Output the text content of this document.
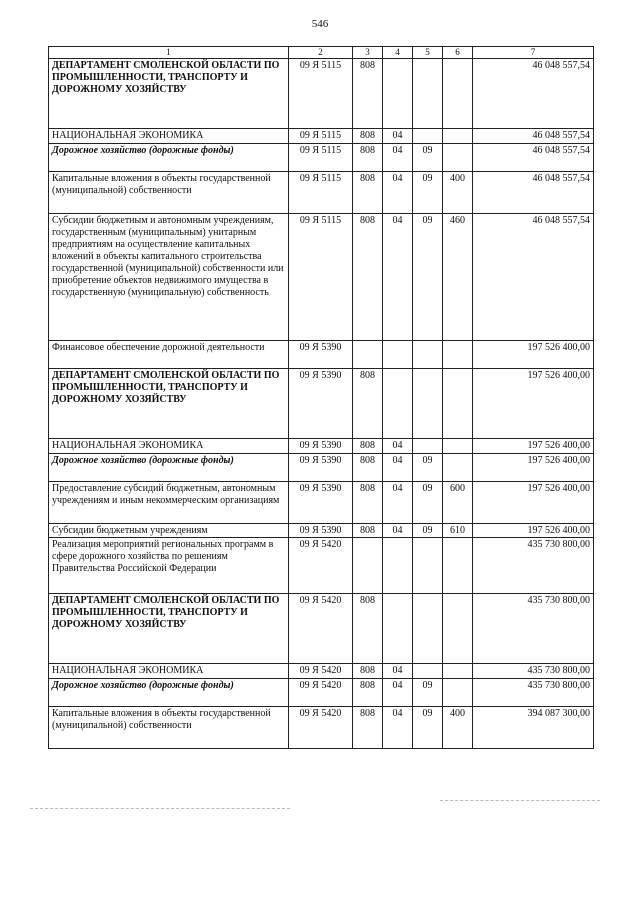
546
1	2	3	4	5	6	7
ДЕПАРТАМЕНТ СМОЛЕНСКОЙ ОБЛАСТИ ПО ПРОМЫШЛЕННОСТИ, ТРАНСПОРТУ И ДОРОЖНОМУ ХОЗЯЙСТВУ	09 Я 5115	808				46 048 557,54
НАЦИОНАЛЬНАЯ ЭКОНОМИКА	09 Я 5115	808	04			46 048 557,54
Дорожное хозяйство (дорожные фонды)	09 Я 5115	808	04	09		46 048 557,54
Капитальные вложения в объекты государственной (муниципальной) собственности	09 Я 5115	808	04	09	400	46 048 557,54
Субсидии бюджетным и автономным учреждениям, государственным (муниципальным) унитарным предприятиям на осуществление капитальных вложений в объекты капитального строительства государственной (муниципальной) собственности или приобретение объектов недвижимого имущества в государственную (муниципальную) собственность	09 Я 5115	808	04	09	460	46 048 557,54
Финансовое обеспечение дорожной деятельности	09 Я 5390					197 526 400,00
ДЕПАРТАМЕНТ СМОЛЕНСКОЙ ОБЛАСТИ ПО ПРОМЫШЛЕННОСТИ, ТРАНСПОРТУ И ДОРОЖНОМУ ХОЗЯЙСТВУ	09 Я 5390	808				197 526 400,00
НАЦИОНАЛЬНАЯ ЭКОНОМИКА	09 Я 5390	808	04			197 526 400,00
Дорожное хозяйство (дорожные фонды)	09 Я 5390	808	04	09		197 526 400,00
Предоставление субсидий бюджетным, автономным учреждениям и иным некоммерческим организациям	09 Я 5390	808	04	09	600	197 526 400,00
Субсидии бюджетным учреждениям	09 Я 5390	808	04	09	610	197 526 400,00
Реализация мероприятий региональных программ в сфере дорожного хозяйства по решениям Правительства Российской Федерации	09 Я 5420					435 730 800,00
ДЕПАРТАМЕНТ СМОЛЕНСКОЙ ОБЛАСТИ ПО ПРОМЫШЛЕННОСТИ, ТРАНСПОРТУ И ДОРОЖНОМУ ХОЗЯЙСТВУ	09 Я 5420	808				435 730 800,00
НАЦИОНАЛЬНАЯ ЭКОНОМИКА	09 Я 5420	808	04			435 730 800,00
Дорожное хозяйство (дорожные фонды)	09 Я 5420	808	04	09		435 730 800,00
Капитальные вложения в объекты государственной (муниципальной) собственности	09 Я 5420	808	04	09	400	394 087 300,00
